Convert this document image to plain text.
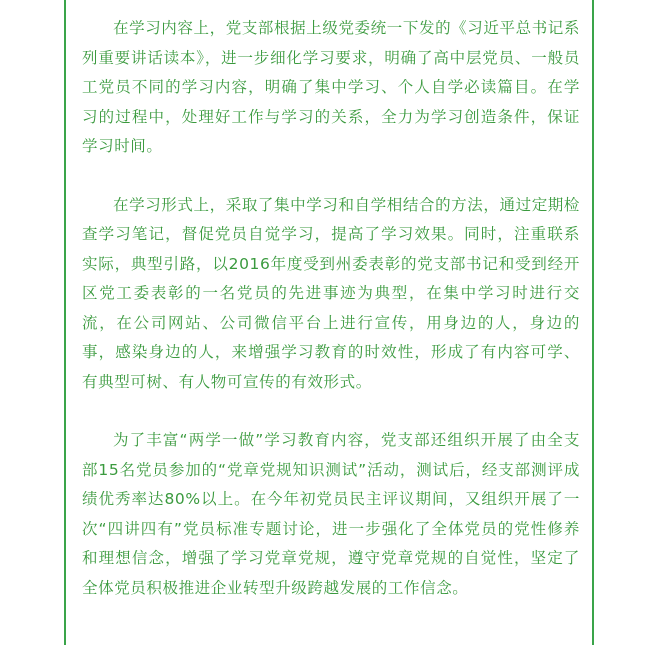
在学习内容上，党支部根据上级党委统一下发的《习近平总书记系列重要讲话读本》，进一步细化学习要求，明确了高中层党员、一般员工党员不同的学习内容，明确了集中学习、个人自学必读篇目。在学习的过程中，处理好工作与学习的关系，全力为学习创造条件，保证学习时间。

在学习形式上，采取了集中学习和自学相结合的方法，通过定期检查学习笔记，督促党员自觉学习，提高了学习效果。同时，注重联系实际，典型引路，以2016年度受到州委表彰的党支部书记和受到经开区党工委表彰的一名党员的先进事迹为典型，在集中学习时进行交流，在公司网站、公司微信平台上进行宣传，用身边的人，身边的事，感染身边的人，来增强学习教育的时效性，形成了有内容可学、有典型可树、有人物可宣传的有效形式。

为了丰富“两学一做”学习教育内容，党支部还组织开展了由全支部15名党员参加的“党章党规知识测试”活动，测试后，经支部测评成绩优秀率达80%以上。在今年初党员民主评议期间，又组织开展了一次“四讲四有”党员标准专题讨论，进一步强化了全体党员的党性修养和理想信念，增强了学习党章党规，遵守党章党规的自觉性，坚定了全体党员积极推进企业转型升级跨越发展的工作信念。
